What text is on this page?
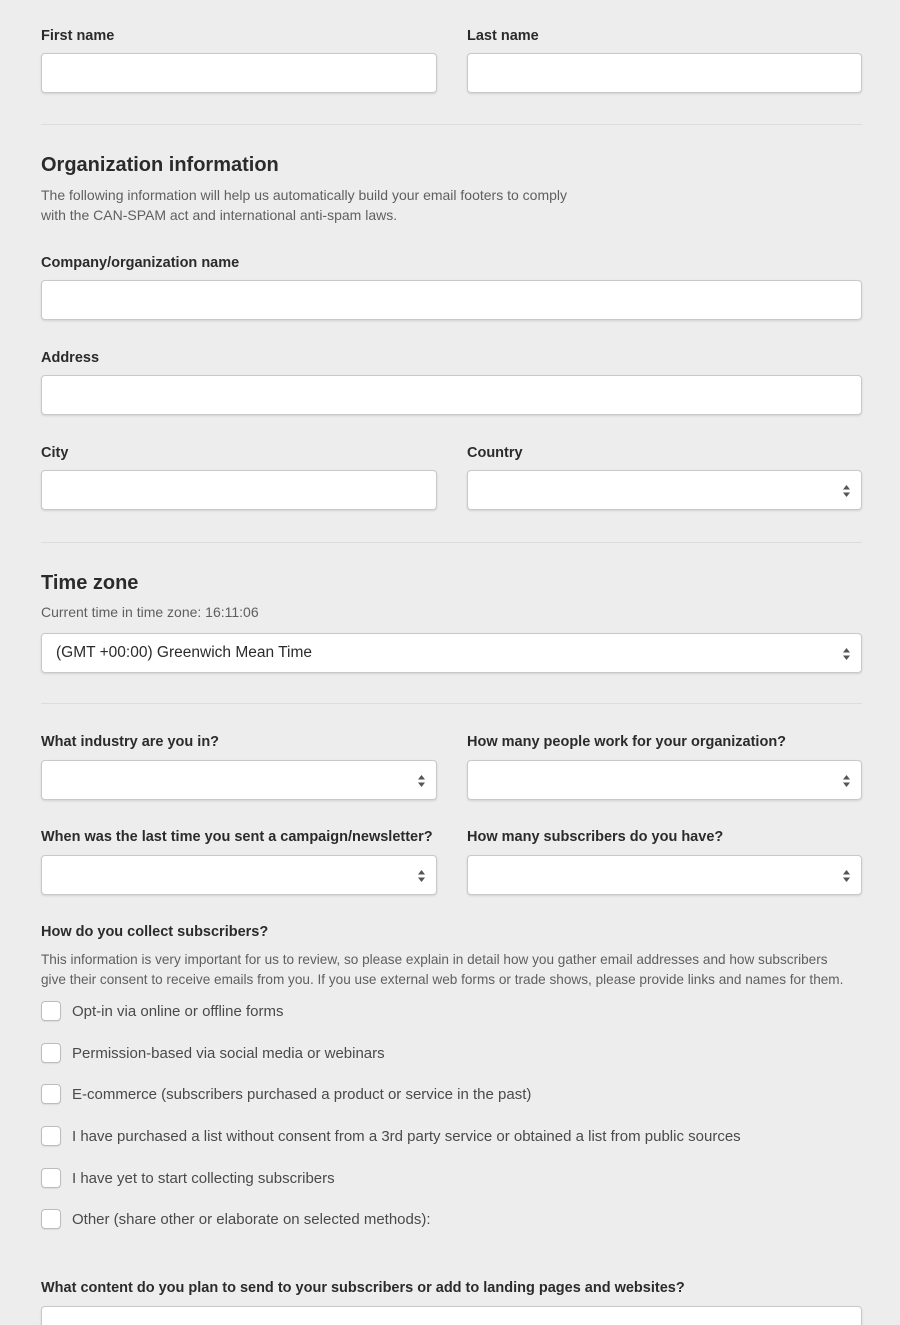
First name	Last name
Organization information
The following information will help us automatically build your email footers to comply
with the CAN-SPAM act and international anti-spam laws.
Company/organization name
Address
City	Country
Time zone
Current time in time zone: 16:11:06
(GMT +00:00) Greenwich Mean Time
What industry are you in?	How many people work for your organization?
When was the last time you sent a campaign/newsletter? How many subscribers do you have?
How do you collect subscribers?
This information is very important for us to review, so please explain in detail how you gather email addresses and how subscribers
give their consent to receive emails from you. If you use external web forms or trade shows, please provide links and names for them.
Opt-in via online or offline forms
Permission-based via social media or webinars
E-commerce (subscribers purchased a product or service in the past)
I have purchased a list without consent from a 3rd party service or obtained a list from public sources
I have yet to start collecting subscribers
Other (share other or elaborate on selected methods):
What content do you plan to send to your subscribers or add to landing pages and websites?
